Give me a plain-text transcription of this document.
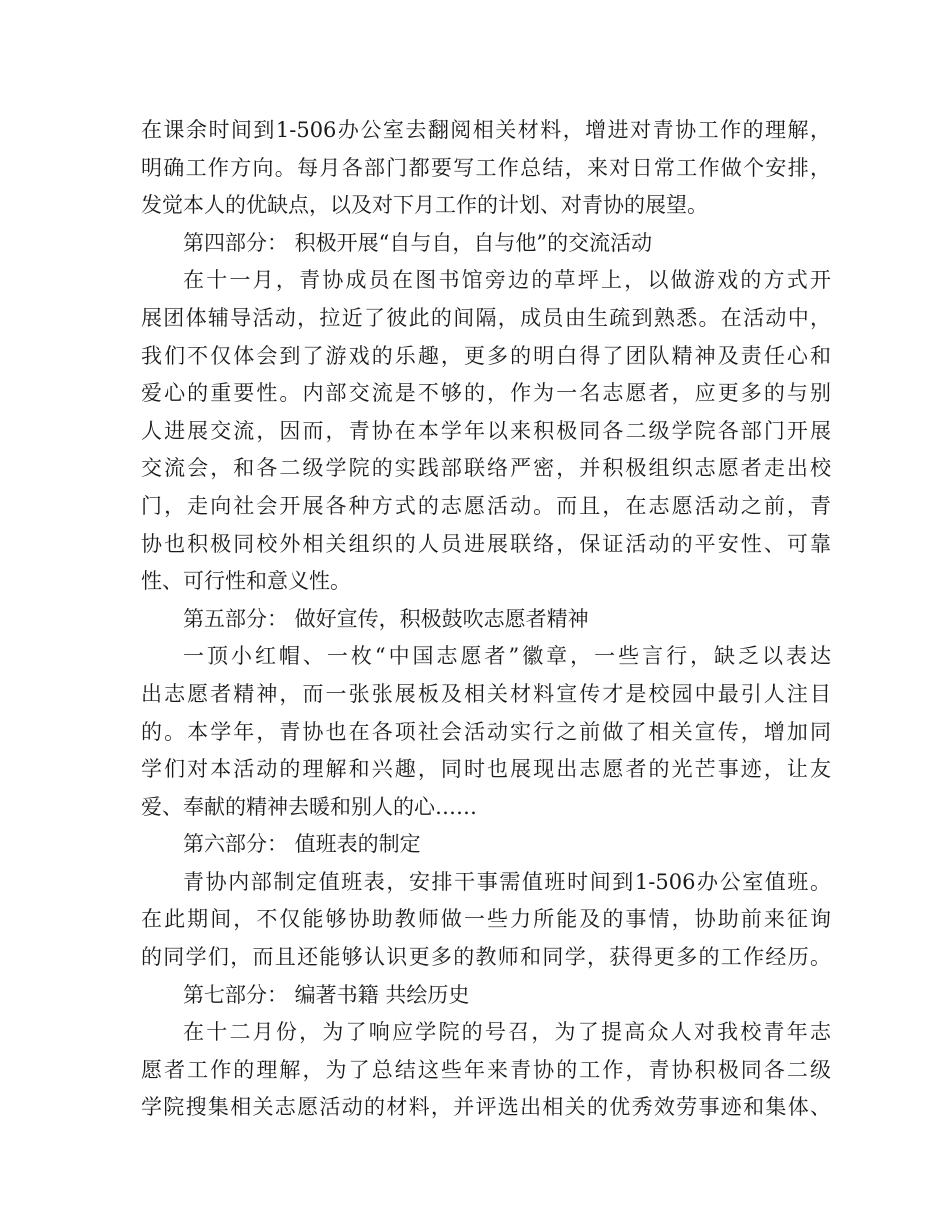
在课余时间到1-506办公室去翻阅相关材料，增进对青协工作的理解，
明确工作方向。每月各部门都要写工作总结，来对日常工作做个安排，
发觉本人的优缺点，以及对下月工作的计划、对青协的展望。
第四部分： 积极开展“自与自，自与他”的交流活动
在十一月，青协成员在图书馆旁边的草坪上，以做游戏的方式开
展团体辅导活动，拉近了彼此的间隔，成员由生疏到熟悉。在活动中，
我们不仅体会到了游戏的乐趣，更多的明白得了团队精神及责任心和
爱心的重要性。内部交流是不够的，作为一名志愿者，应更多的与别
人进展交流，因而，青协在本学年以来积极同各二级学院各部门开展
交流会，和各二级学院的实践部联络严密，并积极组织志愿者走出校
门，走向社会开展各种方式的志愿活动。而且，在志愿活动之前，青
协也积极同校外相关组织的人员进展联络，保证活动的平安性、可靠
性、可行性和意义性。
第五部分： 做好宣传，积极鼓吹志愿者精神
一顶小红帽、一枚“中国志愿者”徽章，一些言行，缺乏以表达
出志愿者精神，而一张张展板及相关材料宣传才是校园中最引人注目
的。本学年，青协也在各项社会活动实行之前做了相关宣传，增加同
学们对本活动的理解和兴趣，同时也展现出志愿者的光芒事迹，让友
爱、奉献的精神去暖和别人的心……
第六部分： 值班表的制定
青协内部制定值班表，安排干事需值班时间到1-506办公室值班。
在此期间，不仅能够协助教师做一些力所能及的事情，协助前来征询
的同学们，而且还能够认识更多的教师和同学，获得更多的工作经历。
第七部分： 编著书籍 共绘历史
在十二月份，为了响应学院的号召，为了提高众人对我校青年志
愿者工作的理解，为了总结这些年来青协的工作，青协积极同各二级
学院搜集相关志愿活动的材料，并评选出相关的优秀效劳事迹和集体、
